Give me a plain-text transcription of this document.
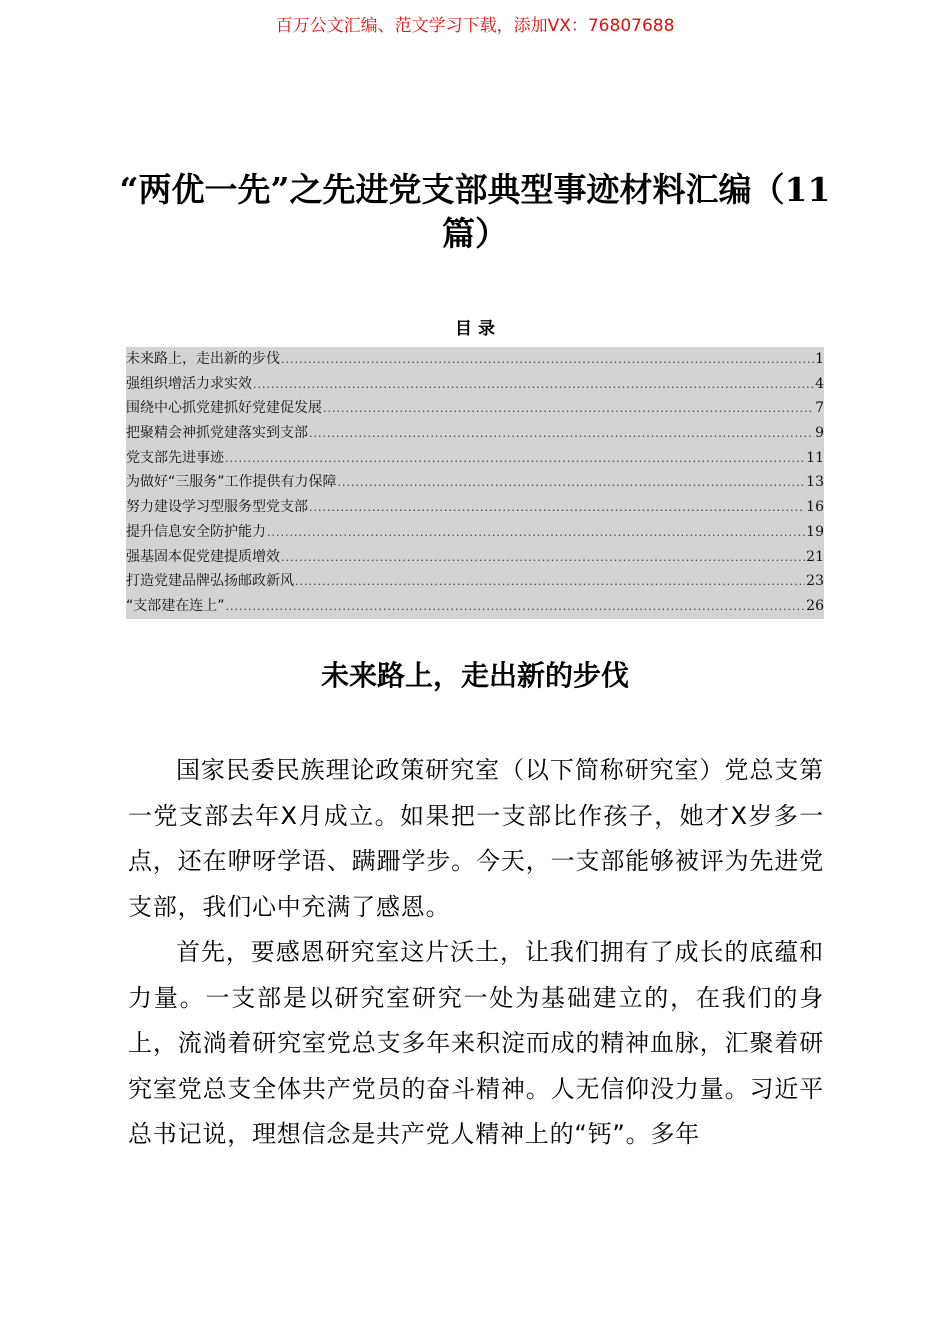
百万公文汇编、范文学习下载，添加VX：76807688
“两优一先”之先进党支部典型事迹材料汇编（11篇）
目 录
未来路上，走出新的步伐 .....	1
强组织增活力求实效 .....	4
围绕中心抓党建抓好党建促发展 .....	7
把聚精会神抓党建落实到支部 .....	9
党支部先进事迹 .....	11
为做好“三服务”工作提供有力保障 .....	13
努力建设学习型服务型党支部 .....	16
提升信息安全防护能力 .....	19
强基固本促党建提质增效 .....	21
打造党建品牌弘扬邮政新风 .....	23
“支部建在连上” .....	26
未来路上，走出新的步伐

国家民委民族理论政策研究室（以下简称研究室）党总支第一党支部去年X月成立。如果把一支部比作孩子，她才X岁多一点，还在咿呀学语、蹒跚学步。今天，一支部能够被评为先进党支部，我们心中充满了感恩。

首先，要感恩研究室这片沃土，让我们拥有了成长的底蕴和力量。一支部是以研究室研究一处为基础建立的，在我们的身上，流淌着研究室党总支多年来积淀而成的精神血脉，汇聚着研究室党总支全体共产党员的奋斗精神。人无信仰没力量。习近平总书记说，理想信念是共产党人精神上的“钙”。多年
